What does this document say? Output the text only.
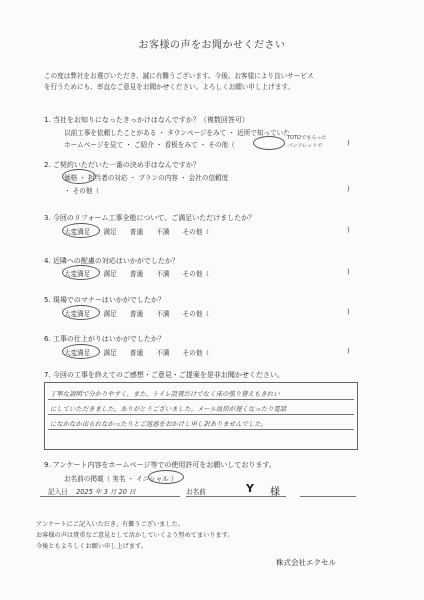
お客様の声をお聞かせください
この度は弊社をお選びいただき、誠に有難うございます。今後、お客様により良いサービス
を行うためにも、率直なご意見をお聞かせください。よろしくお願い申し上げます。
1. 当社をお知りになったきっかけはなんですか？（複数回答可）
以前工事を依頼したことがある ・ タウンページをみて ・ 近所で知っていた
ホームページを見て ・ ご紹介 ・ 看板をみて ・ その他（	)
TOTOでもらった
パンフレットで
2. ご契約いただいた一番の決め手はなんですか？
価格 ・ 担当者の対応 ・ プランの内容 ・ 会社の信頼度
・ その他（	)
3. 今回のリフォーム工事全般について、ご満足いただけましたか？
大変満足　　満足　　普通　　不満　　その他（	)
4. 近隣への配慮の対応はいかがでしたか？
大変満足　　満足　　普通　　不満　　その他（	)
5. 現場でのマナーはいかがでしたか？
大変満足　　満足　　普通　　不満　　その他（	)
6. 工事の仕上がりはいかがでしたか？
大変満足　　満足　　普通　　不満　　その他（	)
7. 今回の工事を終えてのご感想・ご意見・ご提案を是非お聞かせください。
丁寧な説明で分かりやすく、また、トイレ設置だけでなく床の張り替えもきれい
にしていただきました。ありがとうございました。メール返信が遅くなったり電話
になかなか出られなかったりとご迷惑をおかけし申し訳ありませんでした。
9. アンケート内容をホームページ等での使用許可をお願いしております。
お名前の掲載（ 実名 ・ イニシャル ）
記入日 2025 年 3 月 20 日	お名前	Y 様
アンケートにご記入いただき、有難うございました。
お客様の声は貴重なご意見として活かしていくよう努めてまいります。
今後ともよろしくお願い申し上げます。
株式会社エクセル
